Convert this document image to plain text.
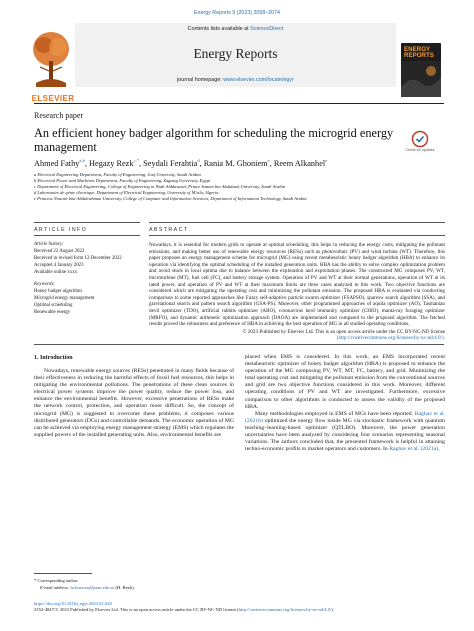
Energy Reports 9 (2023) 2058–2074
Contents lists available at ScienceDirect
Energy Reports
journal homepage: www.elsevier.com/locate/egyr
ELSEVIER
ENERGY REPORTS
Research paper
An efficient honey badger algorithm for scheduling the microgrid energy management	Check for updates
Ahmed Fathy$^{a,b}$, Hegazy Rezk$^{c,*}$, Seydali Ferahtia$^d$, Rania M. Ghoniem$^e$, Reem Alkanhel$^e$
a Electrical Engineering Department, Faculty of Engineering, Jouf University, Saudi Arabia
b Electrical Power and Machines Department, Faculty of Engineering, Zagazig University, Egypt
c Department of Electrical Engineering, College of Engineering in Wadi Alddawasir, Prince Sattam bin Abdulaziz University, Saudi Arabia
d Laboratoire de génie électrique, Department of Electrical Engineering, University of M'sila, Algeria
e Princess Nourah bint Abdulrahman University, College of Computer and Information Sciences, Department of Information Technology, Saudi Arabia
ARTICLE INFO	ABSTRACT
Article history:
Received 22 August 2022
Received in revised form 12 December 2022
Accepted 4 January 2023
Available online xxxx
Keywords:
Honey badger algorithm
Microgrid energy management
Optimal scheduling
Renewable energy
Nowadays, it is essential for modern grids to operate at optimal scheduling, this helps in reducing the energy costs, mitigating the pollutant emissions, and making better use of renewable energy resources (RESs) such as photovoltaic (PV) and wind turbine (WT). Therefore, this paper proposes an energy management scheme for microgrid (MG) using recent metaheuristic honey badger algorithm (HBA) to enhance its operation via identifying the optimal scheduling of the installed generation units. HBA has the ability to solve complex optimization problem and avoid stuck in local optima due to balance between the exploration and exploitation phases. The constructed MG composes PV, WT, microturbine (MT), fuel cell (FC), and battery storage system. Operation of PV and WT at their normal generations, operation of WT at its rated power, and operation of PV and WT at their maximum limits are three cases analyzed in this work. Two objective functions are considered which are mitigating the operating cost and minimizing the pollutant emission. The proposed HBA is evaluated via conducting comparison to some reported approaches like Fuzzy self-adaptive particle swarm optimizer (FSAPSO), sparrow search algorithm (SSA), and gravitational search and pattern search algorithm (GSA-PS). Moreover, other programmed approaches of aquila optimizer (AO), Tasmanian devil optimizer (TDO), artificial rabbits optimizer (ARO), coronavirus herd immunity optimizer (CHIO), manta-ray foraging optimizer (MRFO), and dynamic arithmetic optimization approach (DAOA) are implemented and compared to the proposed algorithm. The fetched results proved the robustness and preference of HBA in achieving the best operation of MG in all studied operating conditions.
© 2023 Published by Elsevier Ltd. This is an open access article under the CC BY-NC-ND license
(http://creativecommons.org/licenses/by-nc-nd/4.0/).
1. Introduction
Nowadays, renewable energy sources (RESs) penetrated in many fields because of their effectiveness in reducing the harmful effects of fossil fuel resources, this helps in mitigating the environmental pollutions. The penetrations of these clean sources in electrical power systems improve the power quality, reduce the power loss, and enhance the environmental benefits. However, excessive penetrations of RESs make the network control, protection, and operation more difficult. So, the concept of microgrid (MG) is suggested to overcome these problems, it composes various distributed generators (DGs) and controllable demands. The economic operation of MG can be achieved via employing energy management strategy (EMS) which regulates the supplied powers of the installed generating units. Also, environmental benefits are
placed when EMS is considered. In this work, an EMS incorporated recent metaheuristic optimizer of honey badger algorithm (HBA) is proposed to enhance the operation of the MG composing PV, WT, MT, FC, battery, and grid. Minimizing the total operating cost and mitigating the pollutant emission from the conventional sources and grid are two objective functions considered in this work. Moreover, different operating conditions of PV and WT are investigated. Furthermore, excessive comparison to other algorithms is conducted to assess the validity of the proposed HBA.
Many methodologies employed in EMS of MGs have been reported. Raghav et al. (2021b) optimized the energy flow inside MG via stochastic framework with quantum teaching–learning-based optimizer (QTLBO). Moreover, the power generation uncertainties have been analyzed by considering four scenarios representing seasonal variations. The authors concluded that, the presented framework is helpful in attaining techno-economic profits to market operators and customers. In Raghav et al. (2021a),
* Corresponding author.
E-mail address: hr.hussien@psau.edu.sa (H. Rezk).
https://doi.org/10.1016/j.egyr.2023.01.028
2352-4847/© 2023 Published by Elsevier Ltd. This is an open access article under the CC BY-NC-ND license (http://creativecommons.org/licenses/by-nc-nd/4.0/).
